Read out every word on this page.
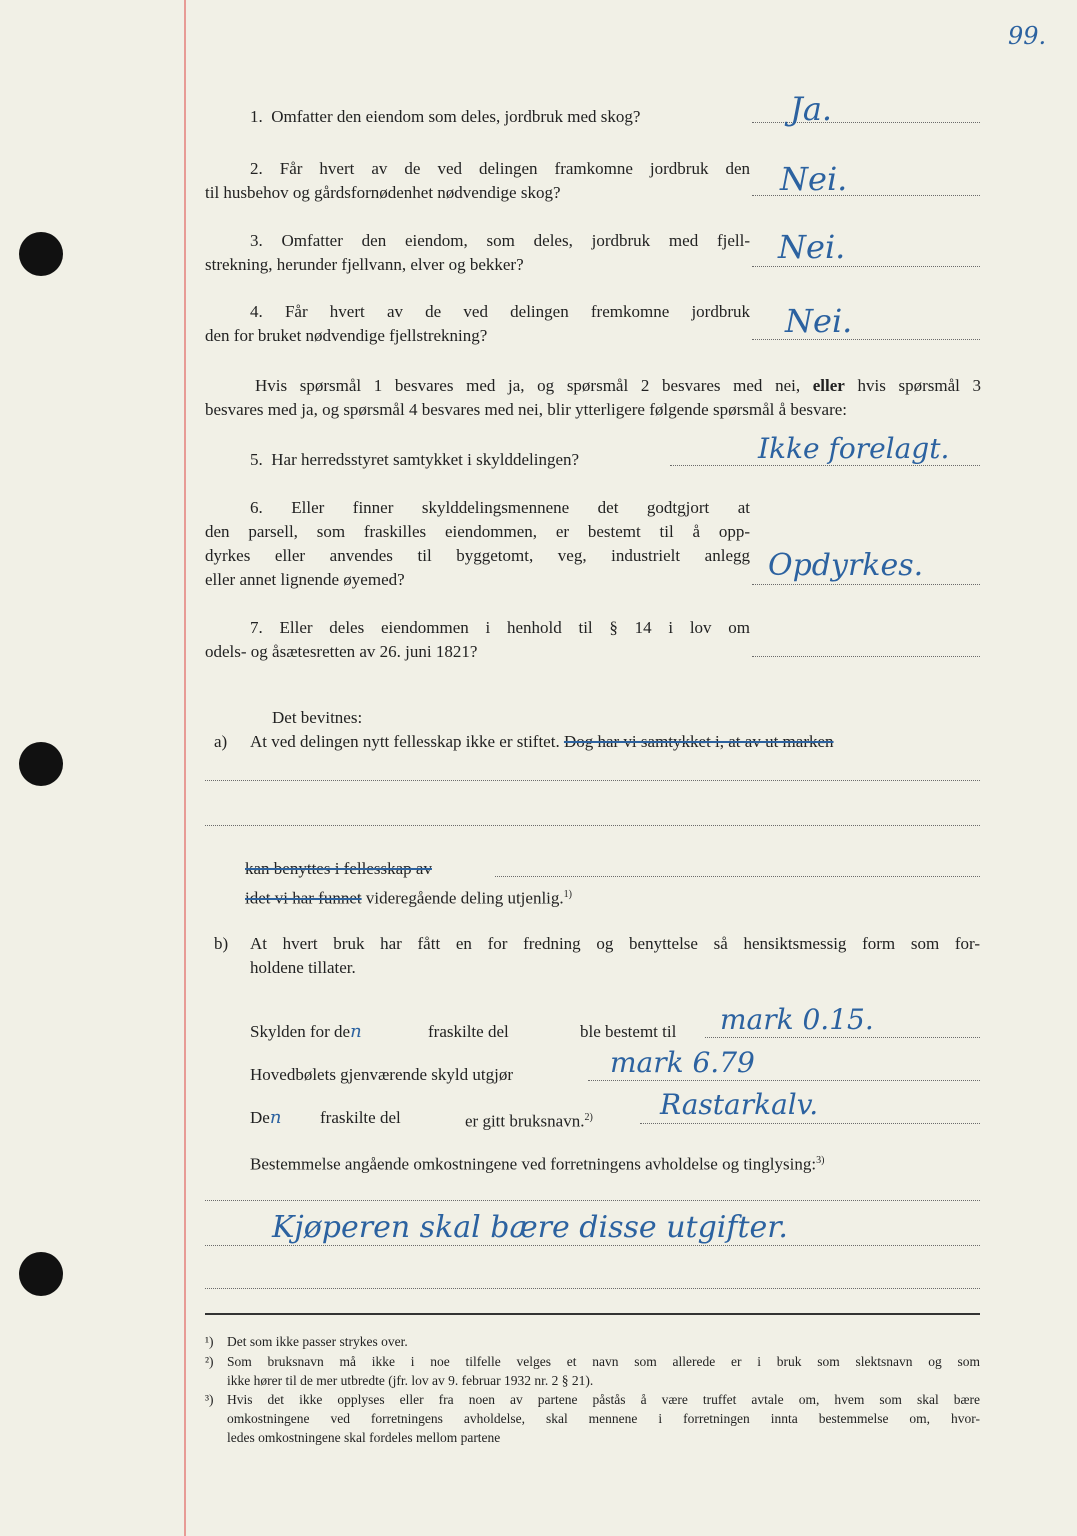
99.
1. Omfatter den eiendom som deles, jordbruk med skog?	Ja.

2. Får hvert av de ved delingen framkomne jordbruk den

til husbehov og gårdsfornødenhet nødvendige skog?	Nei.

3. Omfatter den eiendom, som deles, jordbruk med fjell-

strekning, herunder fjellvann, elver og bekker?	Nei.

4. Får hvert av de ved delingen fremkomne jordbruk

den for bruket nødvendige fjellstrekning?	Nei.

Hvis spørsmål 1 besvares med ja, og spørsmål 2 besvares med nei, eller hvis spørsmål 3

besvares med ja, og spørsmål 4 besvares med nei, blir ytterligere følgende spørsmål å besvare:

5. Har herredsstyret samtykket i skylddelingen?	Ikke forelagt.

6. Eller finner skylddelingsmennene det godtgjort at

den parsell, som fraskilles eiendommen, er bestemt til å opp-

dyrkes eller anvendes til byggetomt, veg, industrielt anlegg

eller annet lignende øyemed?	Opdyrkes.

7. Eller deles eiendommen i henhold til § 14 i lov om

odels- og åsætesretten av 26. juni 1821?

Det bevitnes:
a) At ved delingen nytt fellesskap ikke er stiftet. Dog har vi samtykket i, at av ut marken
kan benyttes i fellesskap av
idet vi har funnet videregående deling utjenlig.$^{1)}$
b) At hvert bruk har fått en for fredning og benyttelse så hensiktsmessig form som for-

holdene tillater.

Skylden for den	fraskilte del	ble bestemt til mark 0.15.
Hovedbølets gjenværende skyld utgjør	mark 6.79
Den fraskilte del	er gitt bruksnavn.$^{2)}$ Rastarkalv.
Bestemmelse angående omkostningene ved forretningens avholdelse og tinglysing:$^{3)}$
Kjøperen skal bære disse utgifter.
¹) Det som ikke passer strykes over.
²) Som bruksnavn må ikke i noe tilfelle velges et navn som allerede er i bruk som slektsnavn og som
ikke hører til de mer utbredte (jfr. lov av 9. februar 1932 nr. 2 § 21).
³) Hvis det ikke opplyses eller fra noen av partene påstås å være truffet avtale om, hvem som skal bære
omkostningene ved forretningens avholdelse, skal mennene i forretningen innta bestemmelse om, hvor-
ledes omkostningene skal fordeles mellom partene
